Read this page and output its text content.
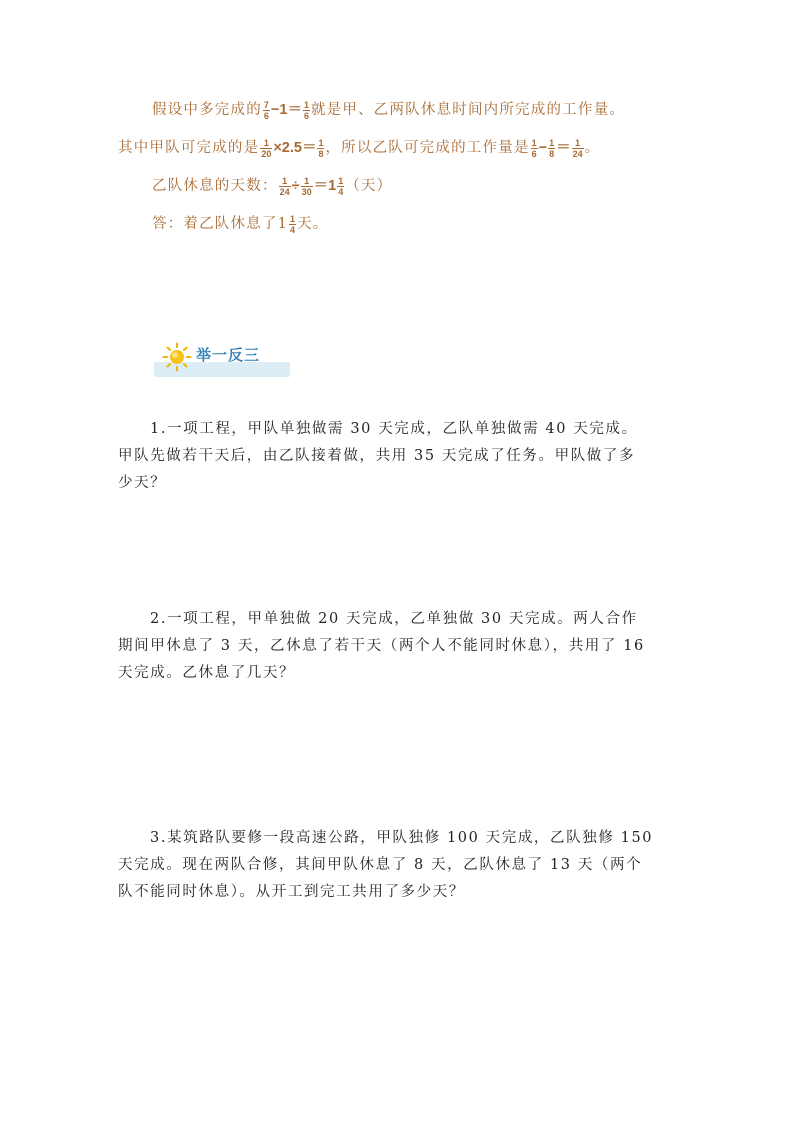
假设中多完成的 $\frac{7}{6} -1= \frac{1}{6}$ 就是甲、乙两队休息时间内所完成的工作量。
其中甲队可完成的是 $\frac{1}{20} \times 2.5= \frac{1}{8}$ ，所以乙队可完成的工作量是 $\frac{1}{6} - \frac{1}{8} = \frac{1}{24}$ 。
乙队休息的天数： $\frac{1}{24} \div \frac{1}{30} =1 \frac{1}{4}$ （天）
答：着乙队休息了$1 \frac{1}{4}$ 天。
举一反三
1.一项工程，甲队单独做需 30 天完成，乙队单独做需 40 天完成。
甲队先做若干天后，由乙队接着做，共用 35 天完成了任务。甲队做了多
少天？
2.一项工程，甲单独做 20 天完成，乙单独做 30 天完成。两人合作
期间甲休息了 3 天，乙休息了若干天（两个人不能同时休息），共用了 16
天完成。乙休息了几天？
3.某筑路队要修一段高速公路，甲队独修 100 天完成，乙队独修 150
天完成。现在两队合修，其间甲队休息了 8 天，乙队休息了 13 天（两个
队不能同时休息）。从开工到完工共用了多少天？
